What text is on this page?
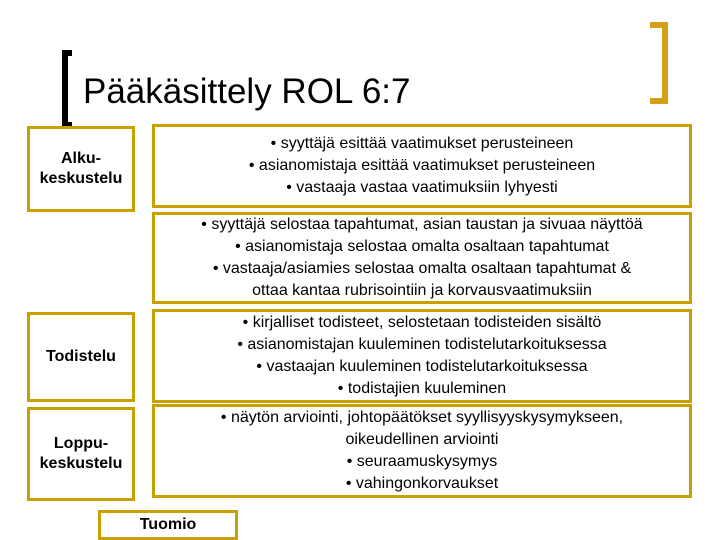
Pääkäsittely ROL 6:7
Alku-
keskustelu
Todistelu
Loppu-
keskustelu
Tuomio
• syyttäjä esittää vaatimukset perusteineen
• asianomistaja esittää vaatimukset perusteineen
• vastaaja vastaa vaatimuksiin lyhyesti
• syyttäjä selostaa tapahtumat, asian taustan ja sivuaa näyttöä
• asianomistaja selostaa omalta osaltaan tapahtumat
• vastaaja/asiamies selostaa omalta osaltaan tapahtumat &
ottaa kantaa rubrisointiin ja korvausvaatimuksiin
• kirjalliset todisteet, selostetaan todisteiden sisältö
• asianomistajan kuuleminen todistelutarkoituksessa
• vastaajan kuuleminen todistelutarkoituksessa
• todistajien kuuleminen
• näytön arviointi, johtopäätökset syyllisyyskysymykseen,
oikeudellinen arviointi
• seuraamuskysymys
• vahingonkorvaukset
